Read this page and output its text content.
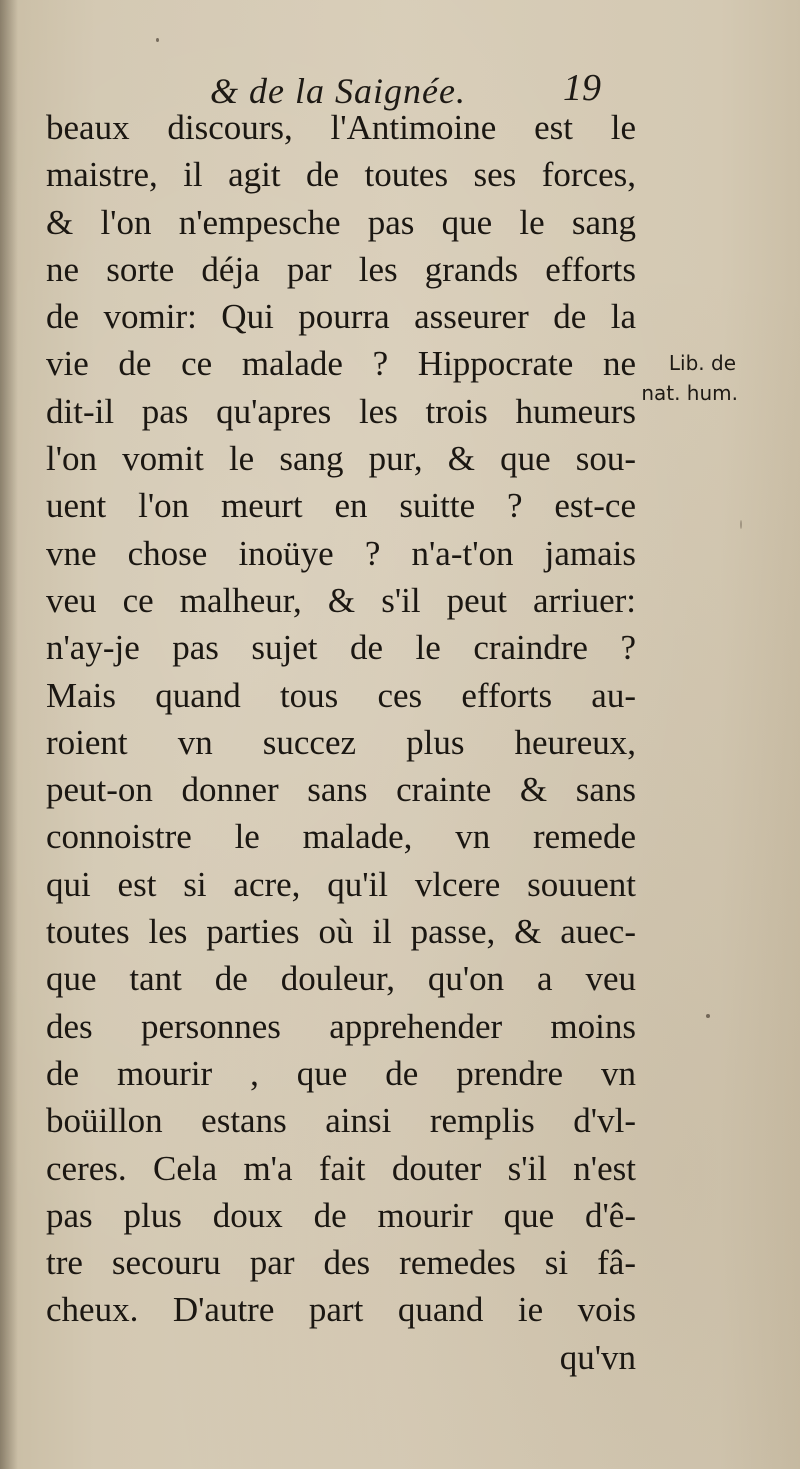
& de la Saignée.	19
beaux discours, l'Antimoine est le
maistre, il agit de toutes ses forces,
& l'on n'empesche pas que le sang
ne sorte déja par les grands efforts
de vomir: Qui pourra asseurer de la
vie de ce malade ? Hippocrate ne
dit-il pas qu'apres les trois humeurs
l'on vomit le sang pur, & que sou-
uent l'on meurt en suitte ? est-ce
vne chose inoüye ? n'a-t'on jamais
veu ce malheur, & s'il peut arriuer:
n'ay-je pas sujet de le craindre ?
Mais quand tous ces efforts au-
roient vn succez plus heureux,
peut-on donner sans crainte & sans
connoistre le malade, vn remede
qui est si acre, qu'il vlcere souuent
toutes les parties où il passe, & auec-
que tant de douleur, qu'on a veu
des personnes apprehender moins
de mourir , que de prendre vn
boüillon estans ainsi remplis d'vl-
ceres. Cela m'a fait douter s'il n'est
pas plus doux de mourir que d'ê-
tre secouru par des remedes si fâ-
cheux. D'autre part quand ie vois
qu'vn
Lib. de
nat. hum.
